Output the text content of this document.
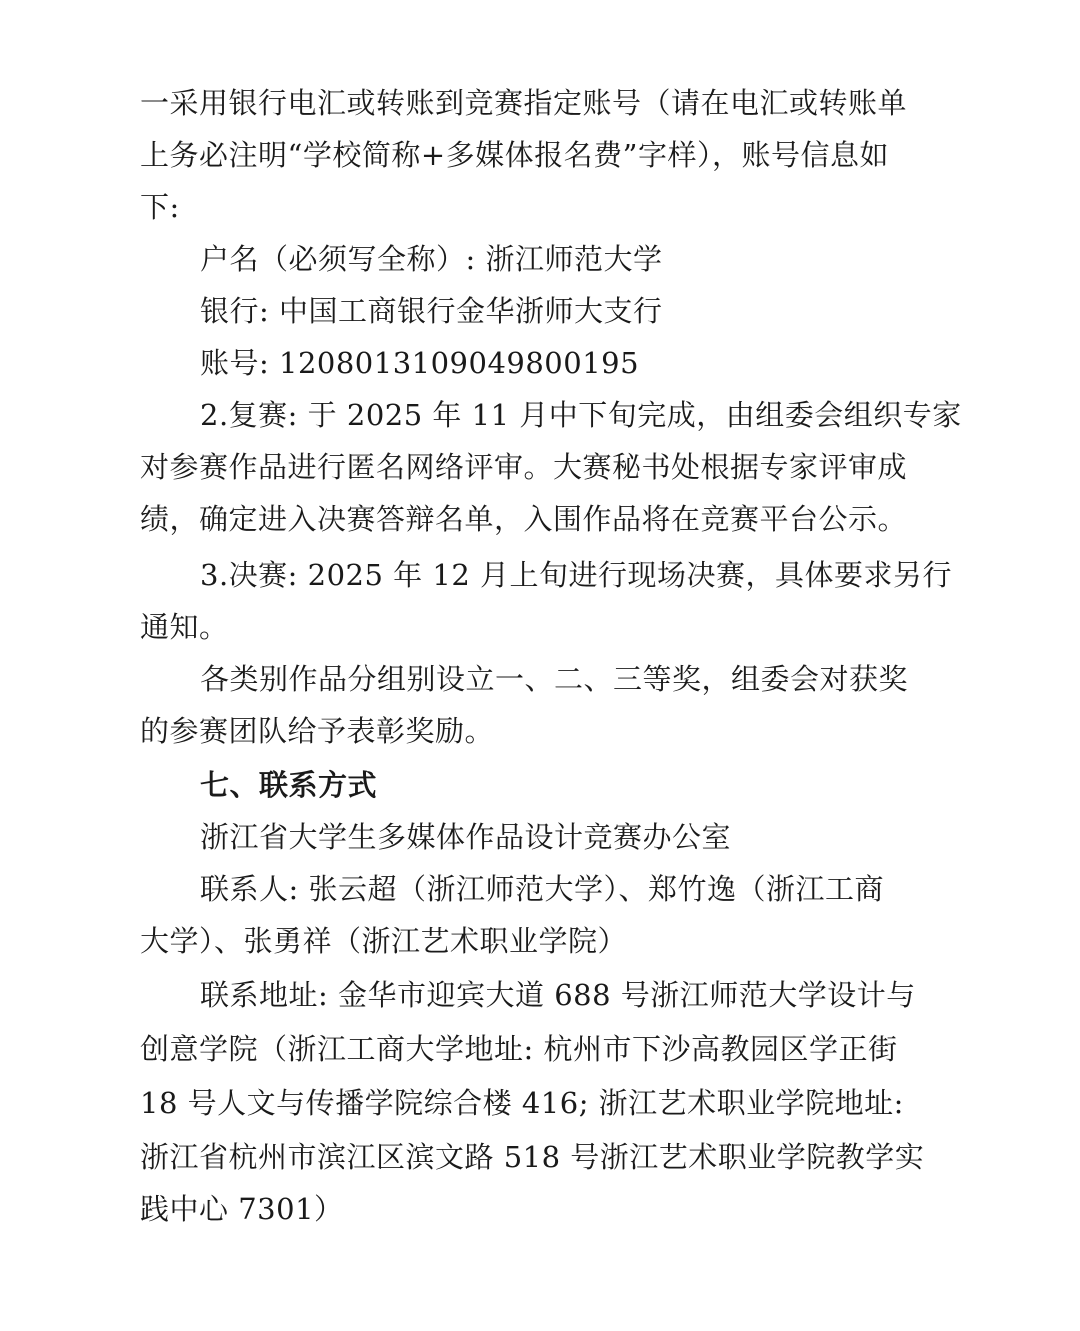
一采用银行电汇或转账到竞赛指定账号（请在电汇或转账单
上务必注明“学校简称+多媒体报名费”字样），账号信息如
下:
户名（必须写全称）: 浙江师范大学
银行: 中国工商银行金华浙师大支行
账号: 1208013109049800195
2.复赛: 于 2025 年 11 月中下旬完成，由组委会组织专家
对参赛作品进行匿名网络评审。大赛秘书处根据专家评审成
绩，确定进入决赛答辩名单，入围作品将在竞赛平台公示。
3.决赛: 2025 年 12 月上旬进行现场决赛，具体要求另行
通知。
各类别作品分组别设立一、二、三等奖，组委会对获奖
的参赛团队给予表彰奖励。
七、联系方式
浙江省大学生多媒体作品设计竞赛办公室
联系人: 张云超（浙江师范大学）、郑竹逸（浙江工商
大学）、张勇祥（浙江艺术职业学院）
联系地址: 金华市迎宾大道 688 号浙江师范大学设计与
创意学院（浙江工商大学地址: 杭州市下沙高教园区学正街
18 号人文与传播学院综合楼 416; 浙江艺术职业学院地址:
浙江省杭州市滨江区滨文路 518 号浙江艺术职业学院教学实
践中心 7301）
